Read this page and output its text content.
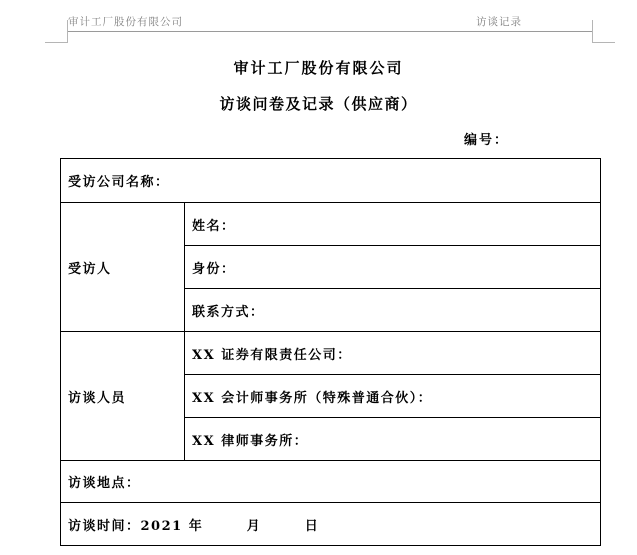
审计工厂股份有限公司	访谈记录
审计工厂股份有限公司
访谈问卷及记录（供应商）
编号：
受访公司名称：	
受访人	姓名：
	身份：
	联系方式：
访谈人员	XX 证券有限责任公司：
	XX 会计师事务所（特殊普通合伙）：
	XX 律师事务所：
访谈地点：	
访谈时间：2021 年　　　月　　　日	
